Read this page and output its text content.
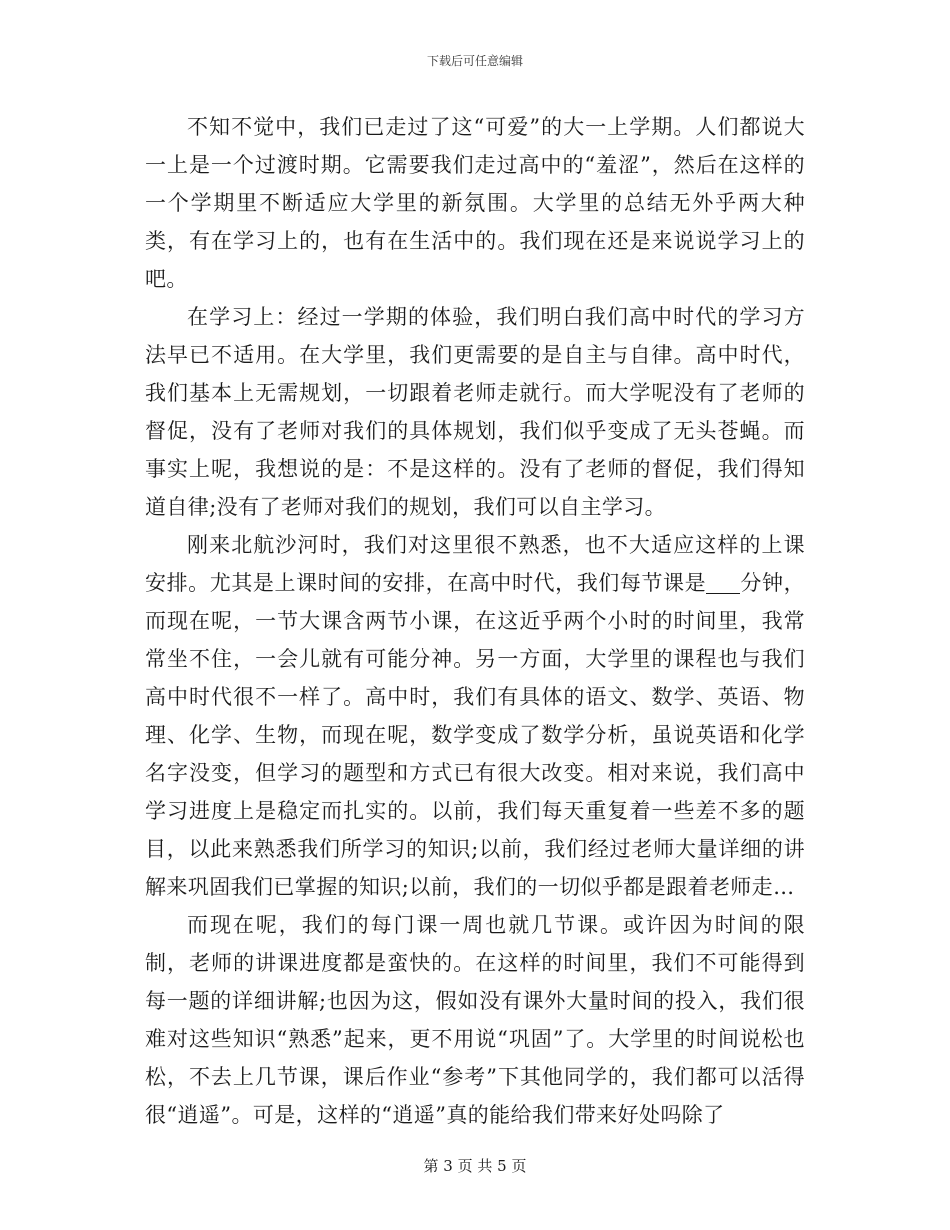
下载后可任意编辑

不知不觉中，我们已走过了这“可爱”的大一上学期。人们都说大一上是一个过渡时期。它需要我们走过高中的“羞涩”，然后在这样的一个学期里不断适应大学里的新氛围。大学里的总结无外乎两大种类，有在学习上的，也有在生活中的。我们现在还是来说说学习上的吧。

在学习上：经过一学期的体验，我们明白我们高中时代的学习方法早已不适用。在大学里，我们更需要的是自主与自律。高中时代，我们基本上无需规划，一切跟着老师走就行。而大学呢没有了老师的督促，没有了老师对我们的具体规划，我们似乎变成了无头苍蝇。而事实上呢，我想说的是：不是这样的。没有了老师的督促，我们得知道自律;没有了老师对我们的规划，我们可以自主学习。

刚来北航沙河时，我们对这里很不熟悉，也不大适应这样的上课安排。尤其是上课时间的安排，在高中时代，我们每节课是 分钟，而现在呢，一节大课含两节小课，在这近乎两个小时的时间里，我常常坐不住，一会儿就有可能分神。另一方面，大学里的课程也与我们高中时代很不一样了。高中时，我们有具体的语文、数学、英语、物理、化学、生物，而现在呢，数学变成了数学分析，虽说英语和化学名字没变，但学习的题型和方式已有很大改变。相对来说，我们高中学习进度上是稳定而扎实的。以前，我们每天重复着一些差不多的题目，以此来熟悉我们所学习的知识;以前，我们经过老师大量详细的讲解来巩固我们已掌握的知识;以前，我们的一切似乎都是跟着老师走…

而现在呢，我们的每门课一周也就几节课。或许因为时间的限制，老师的讲课进度都是蛮快的。在这样的时间里，我们不可能得到每一题的详细讲解;也因为这，假如没有课外大量时间的投入，我们很难对这些知识“熟悉”起来，更不用说“巩固”了。大学里的时间说松也松，不去上几节课，课后作业“参考”下其他同学的，我们都可以活得很“逍遥”。可是，这样的“逍遥”真的能给我们带来好处吗除了

第 3 页 共 5 页
